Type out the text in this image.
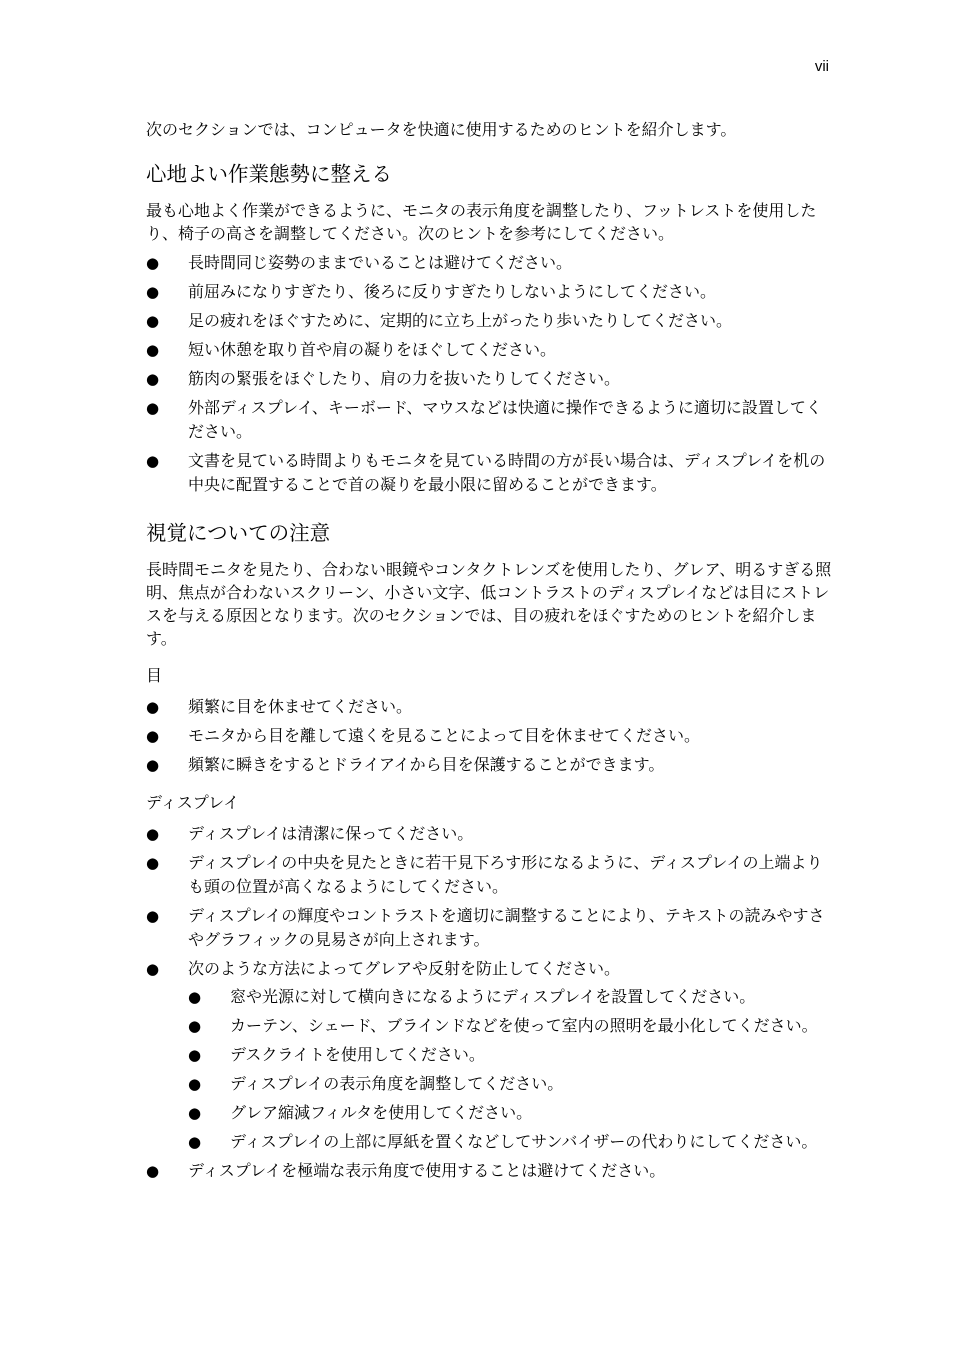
vii

次のセクションでは、コンピュータを快適に使用するためのヒントを紹介します。

心地よい作業態勢に整える

最も心地よく作業ができるように、モニタの表示角度を調整したり、フットレストを使用したり、椅子の高さを調整してください。次のヒントを参考にしてください。

● 長時間同じ姿勢のままでいることは避けてください。
● 前屈みになりすぎたり、後ろに反りすぎたりしないようにしてください。
● 足の疲れをほぐすために、定期的に立ち上がったり歩いたりしてください。
● 短い休憩を取り首や肩の凝りをほぐしてください。
● 筋肉の緊張をほぐしたり、肩の力を抜いたりしてください。
● 外部ディスプレイ、キーボード、マウスなどは快適に操作できるように適切に設置してください。
● 文書を見ている時間よりもモニタを見ている時間の方が長い場合は、ディスプレイを机の中央に配置することで首の凝りを最小限に留めることができます。
視覚についての注意

長時間モニタを見たり、合わない眼鏡やコンタクトレンズを使用したり、グレア、明るすぎる照明、焦点が合わないスクリーン、小さい文字、低コントラストのディスプレイなどは目にストレスを与える原因となります。次のセクションでは、目の疲れをほぐすためのヒントを紹介します。

目

● 頻繁に目を休ませてください。
● モニタから目を離して遠くを見ることによって目を休ませてください。
● 頻繁に瞬きをするとドライアイから目を保護することができます。

ディスプレイ

● ディスプレイは清潔に保ってください。
● ディスプレイの中央を見たときに若干見下ろす形になるように、ディスプレイの上端よりも頭の位置が高くなるようにしてください。
● ディスプレイの輝度やコントラストを適切に調整することにより、テキストの読みやすさやグラフィックの見易さが向上されます。
● 次のような方法によってグレアや反射を防止してください。
● 窓や光源に対して横向きになるようにディスプレイを設置してください。
● カーテン、シェード、ブラインドなどを使って室内の照明を最小化してください。
● デスクライトを使用してください。
● ディスプレイの表示角度を調整してください。
● グレア縮減フィルタを使用してください。
● ディスプレイの上部に厚紙を置くなどしてサンバイザーの代わりにしてください。
● ディスプレイを極端な表示角度で使用することは避けてください。
